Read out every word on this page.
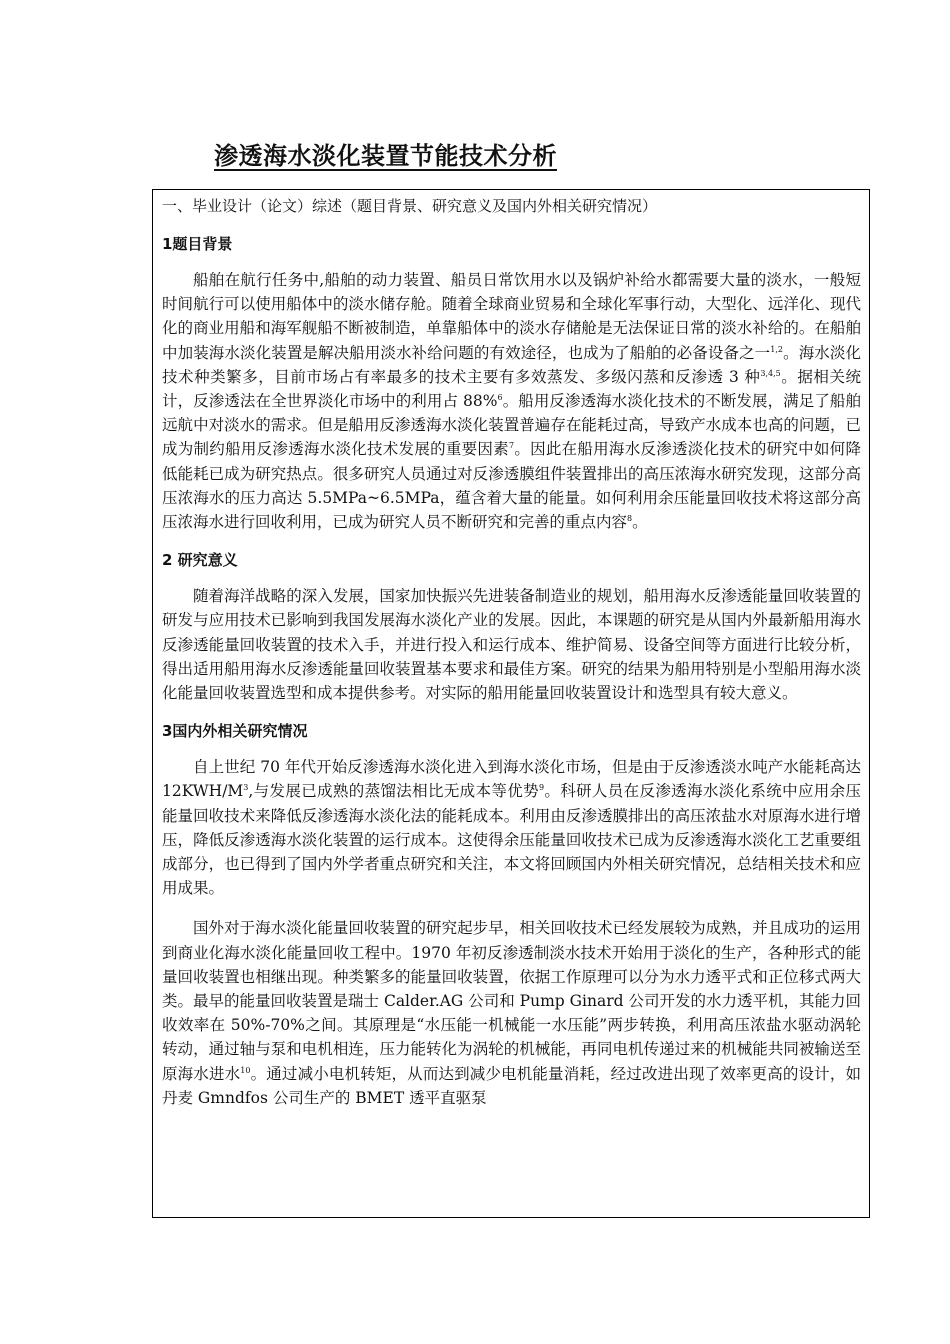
渗透海水淡化装置节能技术分析

一、毕业设计（论文）综述（题目背景、研究意义及国内外相关研究情况）

1题目背景

船舶在航行任务中,船舶的动力装置、船员日常饮用水以及锅炉补给水都需要大量的淡水，一般短时间航行可以使用船体中的淡水储存舱。随着全球商业贸易和全球化军事行动，大型化、远洋化、现代化的商业用船和海军舰船不断被制造，单靠船体中的淡水存储舱是无法保证日常的淡水补给的。在船舶中加装海水淡化装置是解决船用淡水补给问题的有效途径，也成为了船舶的必备设备之一$^{1,2}$。海水淡化技术种类繁多，目前市场占有率最多的技术主要有多效蒸发、多级闪蒸和反渗透 3 种$^{3,4,5}$。据相关统计，反渗透法在全世界淡化市场中的利用占 88%$^6$。船用反渗透海水淡化技术的不断发展，满足了船舶远航中对淡水的需求。但是船用反渗透海水淡化装置普遍存在能耗过高，导致产水成本也高的问题，已成为制约船用反渗透海水淡化技术发展的重要因素$^7$。因此在船用海水反渗透淡化技术的研究中如何降低能耗已成为研究热点。很多研究人员通过对反渗透膜组件装置排出的高压浓海水研究发现，这部分高压浓海水的压力高达 5.5MPa~6.5MPa，蕴含着大量的能量。如何利用余压能量回收技术将这部分高压浓海水进行回收利用，已成为研究人员不断研究和完善的重点内容$^8$。

2 研究意义

随着海洋战略的深入发展，国家加快振兴先进装备制造业的规划，船用海水反渗透能量回收装置的研发与应用技术已影响到我国发展海水淡化产业的发展。因此，本课题的研究是从国内外最新船用海水反渗透能量回收装置的技术入手，并进行投入和运行成本、维护简易、设备空间等方面进行比较分析，得出适用船用海水反渗透能量回收装置基本要求和最佳方案。研究的结果为船用特别是小型船用海水淡化能量回收装置选型和成本提供参考。对实际的船用能量回收装置设计和选型具有较大意义。

3国内外相关研究情况

自上世纪 70 年代开始反渗透海水淡化进入到海水淡化市场，但是由于反渗透淡水吨产水能耗高达 $12KWH/M^3$,与发展已成熟的蒸馏法相比无成本等优势$^9$。科研人员在反渗透海水淡化系统中应用余压能量回收技术来降低反渗透海水淡化法的能耗成本。利用由反渗透膜排出的高压浓盐水对原海水进行增压，降低反渗透海水淡化装置的运行成本。这使得余压能量回收技术已成为反渗透海水淡化工艺重要组成部分，也已得到了国内外学者重点研究和关注，本文将回顾国内外相关研究情况，总结相关技术和应用成果。

国外对于海水淡化能量回收装置的研究起步早，相关回收技术已经发展较为成熟，并且成功的运用到商业化海水淡化能量回收工程中。1970 年初反渗透制淡水技术开始用于淡化的生产，各种形式的能量回收装置也相继出现。种类繁多的能量回收装置，依据工作原理可以分为水力透平式和正位移式两大类。最早的能量回收装置是瑞士 Calder.AG 公司和 Pump Ginard 公司开发的水力透平机，其能力回收效率在 50%-70%之间。其原理是“水压能一机械能一水压能”两步转换，利用高压浓盐水驱动涡轮转动，通过轴与泵和电机相连，压力能转化为涡轮的机械能，再同电机传递过来的机械能共同被输送至原海水进水$^{10}$。通过减小电机转矩，从而达到减少电机能量消耗，经过改进出现了效率更高的设计，如丹麦 Gmndfos 公司生产的 BMET 透平直驱泵
